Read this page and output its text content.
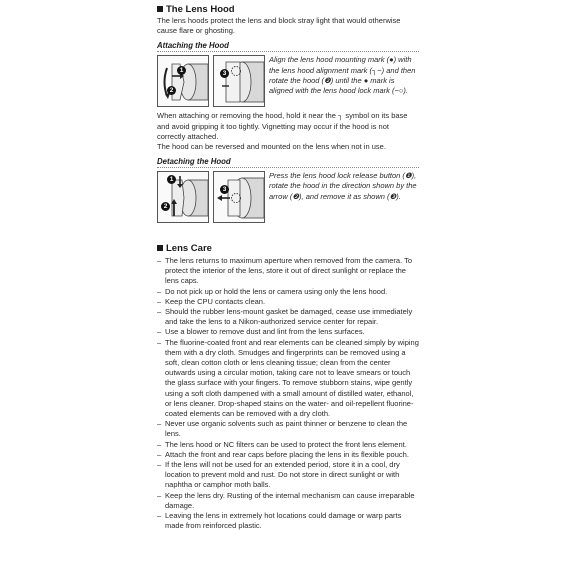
The Lens Hood

The lens hoods protect the lens and block stray light that would otherwise cause flare or ghosting.

Attaching the Hood

1
2
3

Align the lens hood mounting mark (●) with the lens hood alignment mark (┐−) and then rotate the hood (❷) until the ● mark is aligned with the lens hood lock mark (−○).

When attaching or removing the hood, hold it near the ┐ symbol on its base and avoid gripping it too tightly. Vignetting may occur if the hood is not correctly attached.

The hood can be reversed and mounted on the lens when not in use.

Detaching the Hood

1
2
3

Press the lens hood lock release button (❶), rotate the hood in the direction shown by the arrow (❷), and remove it as shown (❸).

Lens Care

– The lens returns to maximum aperture when removed from the camera. To protect the interior of the lens, store it out of direct sunlight or replace the lens caps.
– Do not pick up or hold the lens or camera using only the lens hood.
– Keep the CPU contacts clean.
– Should the rubber lens-mount gasket be damaged, cease use immediately and take the lens to a Nikon-authorized service center for repair.
– Use a blower to remove dust and lint from the lens surfaces.
– The fluorine-coated front and rear elements can be cleaned simply by wiping them with a dry cloth. Smudges and fingerprints can be removed using a soft, clean cotton cloth or lens cleaning tissue; clean from the center outwards using a circular motion, taking care not to leave smears or touch the glass surface with your fingers. To remove stubborn stains, wipe gently using a soft cloth dampened with a small amount of distilled water, ethanol, or lens cleaner. Drop-shaped stains on the water- and oil-repellent fluorine-coated elements can be removed with a dry cloth.
– Never use organic solvents such as paint thinner or benzene to clean the lens.
– The lens hood or NC filters can be used to protect the front lens element.
– Attach the front and rear caps before placing the lens in its flexible pouch.
– If the lens will not be used for an extended period, store it in a cool, dry location to prevent mold and rust. Do not store in direct sunlight or with naphtha or camphor moth balls.
– Keep the lens dry. Rusting of the internal mechanism can cause irreparable damage.
– Leaving the lens in extremely hot locations could damage or warp parts made from reinforced plastic.
